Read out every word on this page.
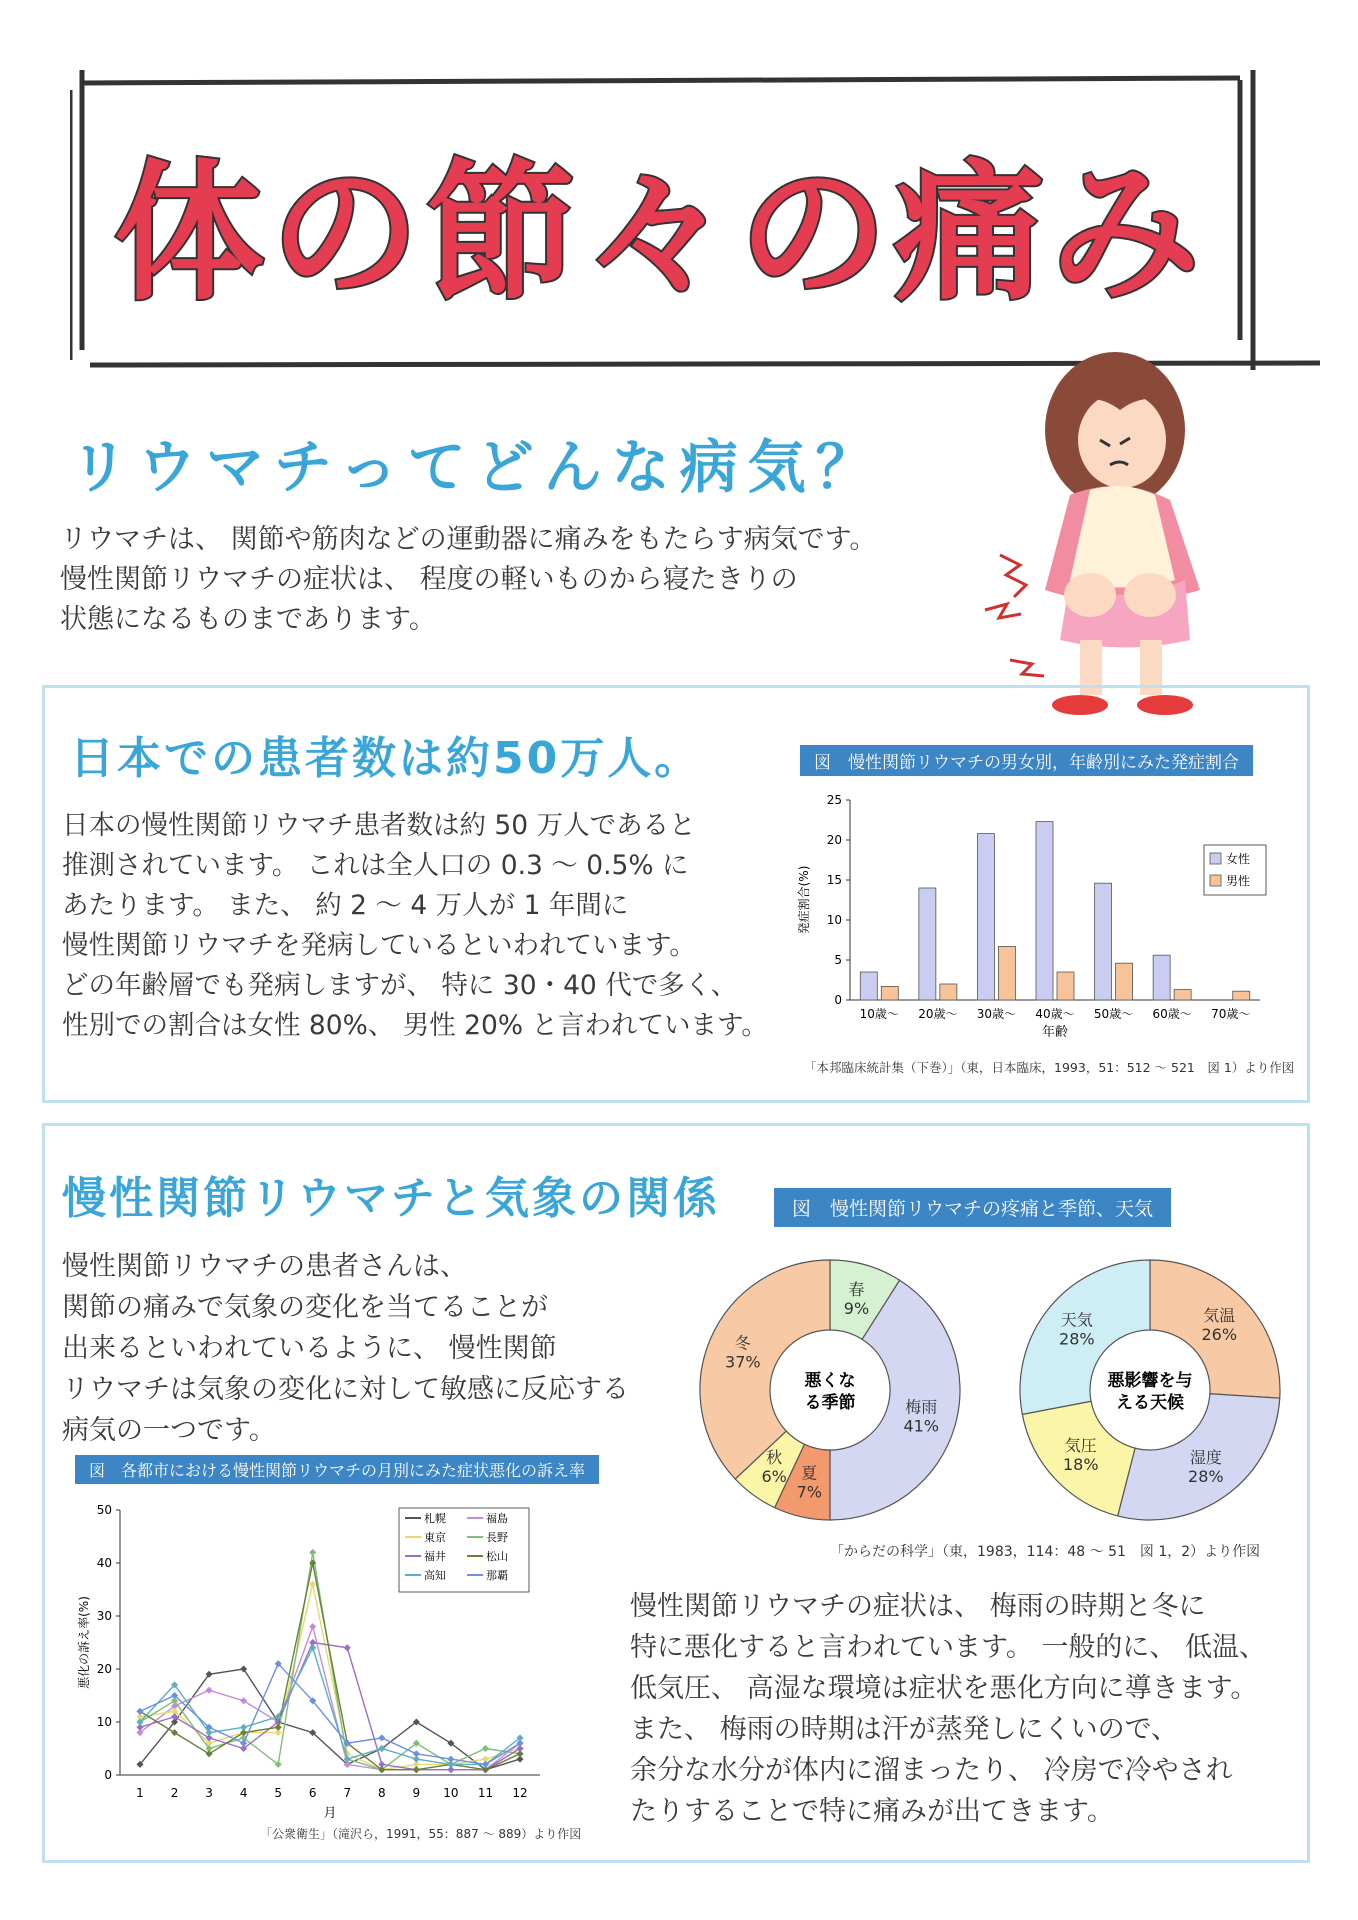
体の節々の痛み
リウマチってどんな病気？
リウマチは、 関節や筋肉などの運動器に痛みをもたらす病気です。
慢性関節リウマチの症状は、 程度の軽いものから寝たきりの
状態になるものまであります。
日本での患者数は約50万人。
日本の慢性関節リウマチ患者数は約 50 万人であると
推測されています。 これは全人口の 0.3 ～ 0.5% に
あたります。 また、 約 2 ～ 4 万人が 1 年間に
慢性関節リウマチを発病しているといわれています。
どの年齢層でも発病しますが、 特に 30・40 代で多く、
性別での割合は女性 80%、 男性 20% と言われています。
図　慢性関節リウマチの男女別，年齢別にみた発症割合
0
5
10
15
20
25
10歳～ 20歳～ 30歳～ 40歳～ 50歳～ 60歳～ 70歳～
年齢
発症割合(%)
女性
男性
「本邦臨床統計集（下巻）」（東，日本臨床，1993，51：512 ～ 521　図 1）より作図
慢性関節リウマチと気象の関係
慢性関節リウマチの患者さんは、
関節の痛みで気象の変化を当てることが
出来るといわれているように、 慢性関節
リウマチは気象の変化に対して敏感に反応する
病気の一つです。
図　慢性関節リウマチの疼痛と季節、天気
春
9%
梅雨
41%
夏
7%
秋
6%
冬
37%
悪くな
る季節
気温
26%
湿度
28%
気圧
18%
天気
28%
悪影響を与
える天候
「からだの科学」（東，1983，114：48 ～ 51　図 1，2）より作図
図　各都市における慢性関節リウマチの月別にみた症状悪化の訴え率
0
10
20
30
40
50
1 2 3 4 5 6 7 8 9 10 11 12
月
悪化の訴え率(%)
札幌	福島
東京	長野
福井	松山
高知	那覇
「公衆衛生」（滝沢ら，1991，55：887 ～ 889）より作図
慢性関節リウマチの症状は、 梅雨の時期と冬に
特に悪化すると言われています。 一般的に、 低温、
低気圧、 高湿な環境は症状を悪化方向に導きます。
また、 梅雨の時期は汗が蒸発しにくいので、
余分な水分が体内に溜まったり、 冷房で冷やされ
たりすることで特に痛みが出てきます。
